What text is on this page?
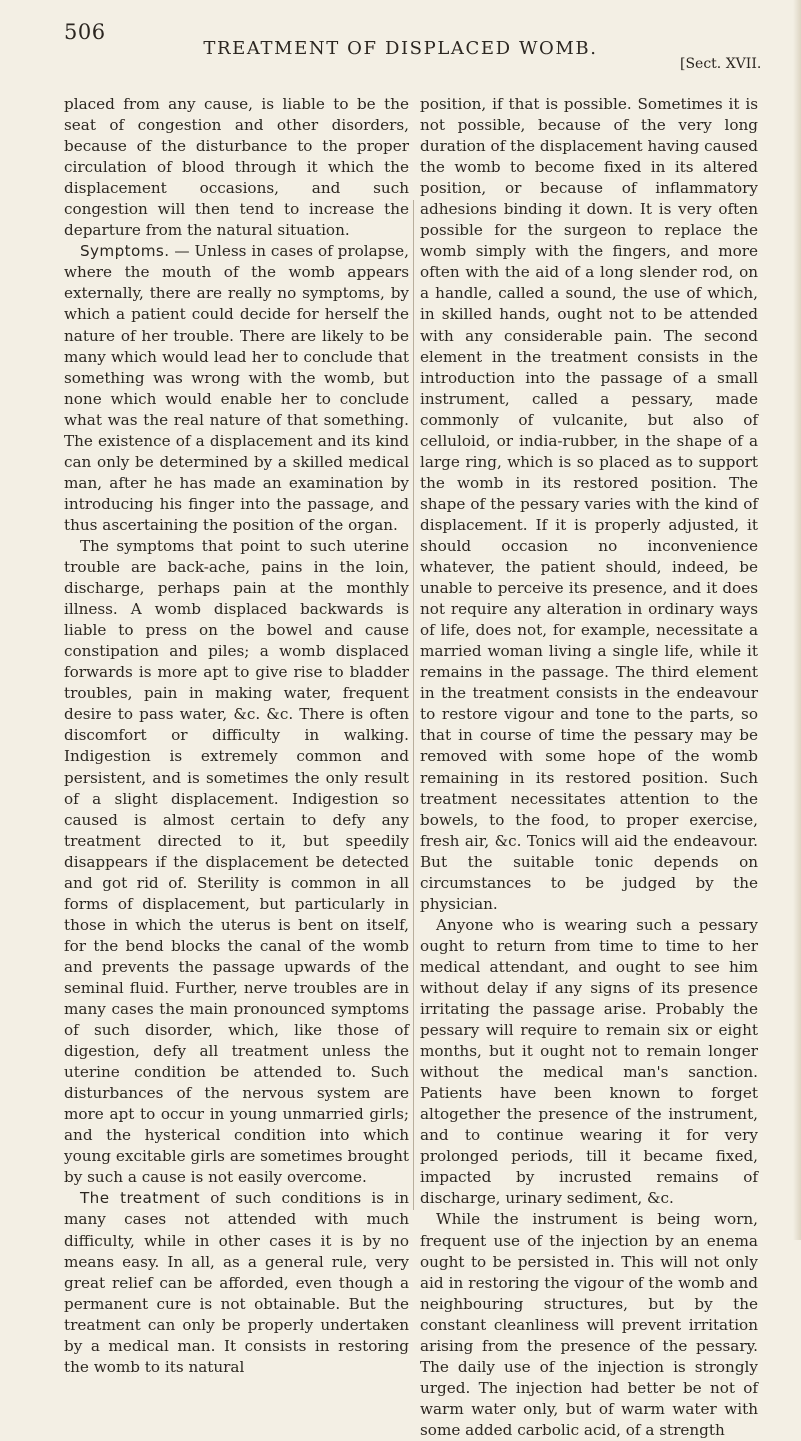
506
TREATMENT OF DISPLACED WOMB.
[Sect. XVII.

placed from any cause, is liable to be the seat of congestion and other disorders, because of the disturbance to the proper circulation of blood through it which the displacement occasions, and such congestion will then tend to increase the departure from the natural situation.

Symptoms. — Unless in cases of prolapse, where the mouth of the womb appears externally, there are really no symptoms, by which a patient could decide for herself the nature of her trouble. There are likely to be many which would lead her to conclude that something was wrong with the womb, but none which would enable her to conclude what was the real nature of that something. The existence of a displacement and its kind can only be determined by a skilled medical man, after he has made an examination by introducing his finger into the passage, and thus ascertaining the position of the organ.

The symptoms that point to such uterine trouble are back-ache, pains in the loin, discharge, perhaps pain at the monthly illness. A womb displaced backwards is liable to press on the bowel and cause constipation and piles; a womb displaced forwards is more apt to give rise to bladder troubles, pain in making water, frequent desire to pass water, &c. &c. There is often discomfort or difficulty in walking. Indigestion is extremely common and persistent, and is sometimes the only result of a slight displacement. Indigestion so caused is almost certain to defy any treatment directed to it, but speedily disappears if the displacement be detected and got rid of. Sterility is common in all forms of displacement, but particularly in those in which the uterus is bent on itself, for the bend blocks the canal of the womb and prevents the passage upwards of the seminal fluid. Further, nerve troubles are in many cases the main pronounced symptoms of such disorder, which, like those of digestion, defy all treatment unless the uterine condition be attended to. Such disturbances of the nervous system are more apt to occur in young unmarried girls; and the hysterical condition into which young excitable girls are sometimes brought by such a cause is not easily overcome.

The treatment of such conditions is in many cases not attended with much difficulty, while in other cases it is by no means easy. In all, as a general rule, very great relief can be afforded, even though a permanent cure is not obtainable. But the treatment can only be properly undertaken by a medical man. It consists in restoring the womb to its natural

position, if that is possible. Sometimes it is not possible, because of the very long duration of the displacement having caused the womb to become fixed in its altered position, or because of inflammatory adhesions binding it down. It is very often possible for the surgeon to replace the womb simply with the fingers, and more often with the aid of a long slender rod, on a handle, called a sound, the use of which, in skilled hands, ought not to be attended with any considerable pain. The second element in the treatment consists in the introduction into the passage of a small instrument, called a pessary, made commonly of vulcanite, but also of celluloid, or india-rubber, in the shape of a large ring, which is so placed as to support the womb in its restored position. The shape of the pessary varies with the kind of displacement. If it is properly adjusted, it should occasion no inconvenience whatever, the patient should, indeed, be unable to perceive its presence, and it does not require any alteration in ordinary ways of life, does not, for example, necessitate a married woman living a single life, while it remains in the passage. The third element in the treatment consists in the endeavour to restore vigour and tone to the parts, so that in course of time the pessary may be removed with some hope of the womb remaining in its restored position. Such treatment necessitates attention to the bowels, to the food, to proper exercise, fresh air, &c. Tonics will aid the endeavour. But the suitable tonic depends on circumstances to be judged by the physician.

Anyone who is wearing such a pessary ought to return from time to time to her medical attendant, and ought to see him without delay if any signs of its presence irritating the passage arise. Probably the pessary will require to remain six or eight months, but it ought not to remain longer without the medical man's sanction. Patients have been known to forget altogether the presence of the instrument, and to continue wearing it for very prolonged periods, till it became fixed, impacted by incrusted remains of discharge, urinary sediment, &c.

While the instrument is being worn, frequent use of the injection by an enema ought to be persisted in. This will not only aid in restoring the vigour of the womb and neighbouring structures, but by the constant cleanliness will prevent irritation arising from the presence of the pessary. The daily use of the injection is strongly urged. The injection had better be not of warm water only, but of warm water with some added carbolic acid, of a strength
